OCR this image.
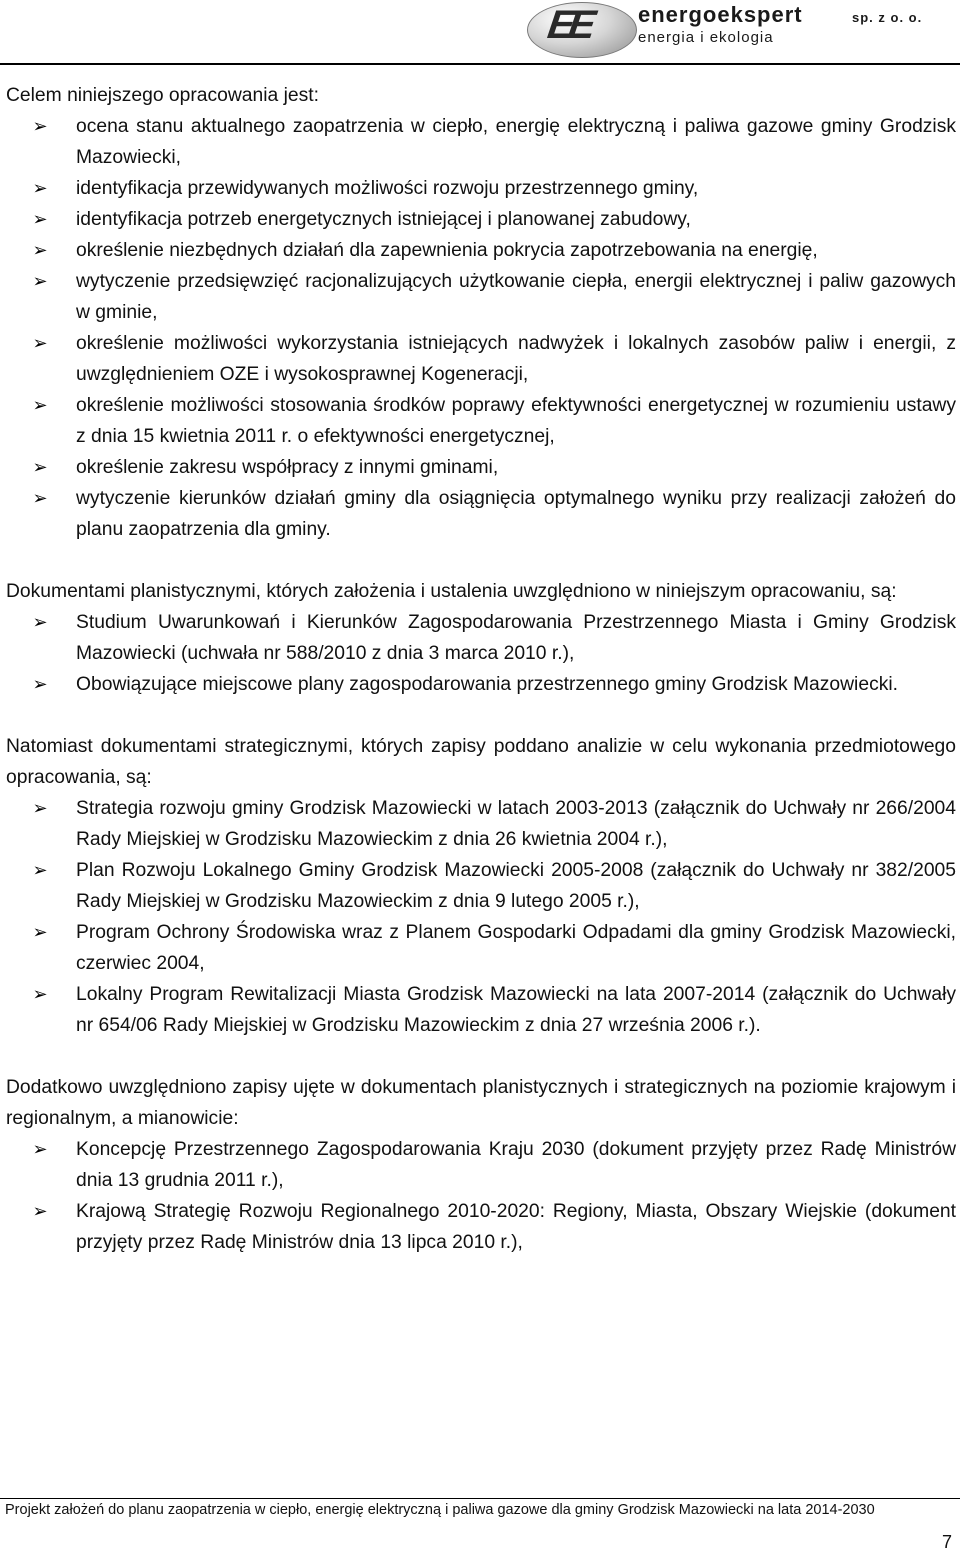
EE energoekspert	sp. z o. o.
energia i ekologia

Celem niniejszego opracowania jest:

➢	ocena stanu aktualnego zaopatrzenia w ciepło, energię elektryczną i paliwa gazowe gminy Grodzisk Mazowiecki,
➢	identyfikacja przewidywanych możliwości rozwoju przestrzennego gminy,
➢	identyfikacja potrzeb energetycznych istniejącej i planowanej zabudowy,
➢	określenie niezbędnych działań dla zapewnienia pokrycia zapotrzebowania na energię,
➢	wytyczenie przedsięwzięć racjonalizujących użytkowanie ciepła, energii elektrycznej i paliw gazowych w gminie,
➢	określenie możliwości wykorzystania istniejących nadwyżek i lokalnych zasobów paliw i energii, z uwzględnieniem OZE i wysokosprawnej Kogeneracji,
➢	określenie możliwości stosowania środków poprawy efektywności energetycznej w rozumieniu ustawy z dnia 15 kwietnia 2011 r. o efektywności energetycznej,
➢	określenie zakresu współpracy z innymi gminami,
➢	wytyczenie kierunków działań gminy dla osiągnięcia optymalnego wyniku przy realizacji założeń do planu zaopatrzenia dla gminy.

Dokumentami planistycznymi, których założenia i ustalenia uwzględniono w niniejszym opracowaniu, są:

➢	Studium Uwarunkowań i Kierunków Zagospodarowania Przestrzennego Miasta i Gminy Grodzisk Mazowiecki (uchwała nr 588/2010 z dnia 3 marca 2010 r.),
➢	Obowiązujące miejscowe plany zagospodarowania przestrzennego gminy Grodzisk Mazowiecki.

Natomiast dokumentami strategicznymi, których zapisy poddano analizie w celu wykonania przedmiotowego opracowania, są:

➢	Strategia rozwoju gminy Grodzisk Mazowiecki w latach 2003-2013 (załącznik do Uchwały nr 266/2004 Rady Miejskiej w Grodzisku Mazowieckim z dnia 26 kwietnia 2004 r.),
➢	Plan Rozwoju Lokalnego Gminy Grodzisk Mazowiecki 2005-2008 (załącznik do Uchwały nr 382/2005 Rady Miejskiej w Grodzisku Mazowieckim z dnia 9 lutego 2005 r.),
➢	Program Ochrony Środowiska wraz z Planem Gospodarki Odpadami dla gminy Grodzisk Mazowiecki, czerwiec 2004,
➢	Lokalny Program Rewitalizacji Miasta Grodzisk Mazowiecki na lata 2007-2014 (załącznik do Uchwały nr 654/06 Rady Miejskiej w Grodzisku Mazowieckim z dnia 27 września 2006 r.).

Dodatkowo uwzględniono zapisy ujęte w dokumentach planistycznych i strategicznych na poziomie krajowym i regionalnym, a mianowicie:

➢	Koncepcję Przestrzennego Zagospodarowania Kraju 2030 (dokument przyjęty przez Radę Ministrów dnia 13 grudnia 2011 r.),
➢	Krajową Strategię Rozwoju Regionalnego 2010-2020: Regiony, Miasta, Obszary Wiejskie (dokument przyjęty przez Radę Ministrów dnia 13 lipca 2010 r.),
Projekt założeń do planu zaopatrzenia w ciepło, energię elektryczną i paliwa gazowe dla gminy Grodzisk Mazowiecki na lata 2014-2030
7
